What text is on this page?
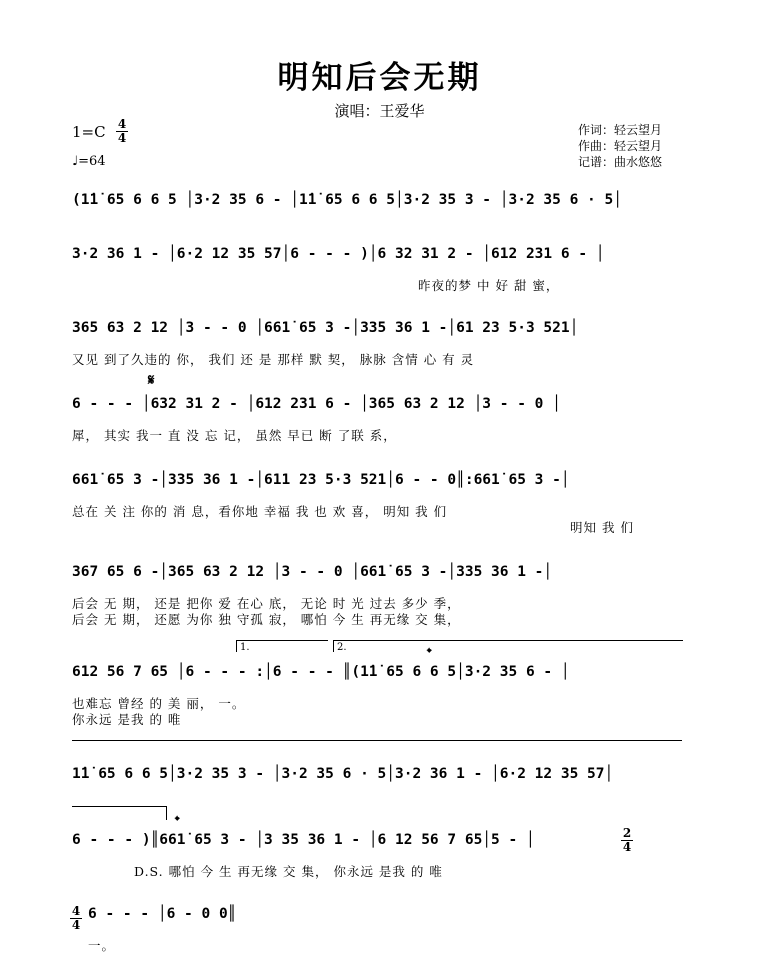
明知后会无期
演唱：王爱华
1=C 4
4
♩=64
作词：轻云望月
作曲：轻云望月
记谱：曲水悠悠
(1̇1̇ 65 6 6 5 │3·2 35 6 - │1̇1̇ 65 6 6 5│3·2 35 3 - │3·2 35 6 · 5│
3·2 36 1 - │6·2 12 35 57│6 - - - )│6 32 31 2 - │612 231 6 - │
昨夜的梦 中 好 甜 蜜，
365 63 2 12 │3 - - 0 │661̇ 65 3 -│335 36 1 -│61 23 5·3 521│
又见 到了久违的 你， 我们 还 是 那样 默 契， 脉脉 含情 心 有 灵
𝄋
6 - - - │632 31 2 - │612 231 6 - │365 63 2 12 │3 - - 0 │
犀， 其实 我一 直 没 忘 记， 虽然 早已 断 了联 系，
661̇ 65 3 -│335 36 1 -│611 23 5·3 521│6 - - 0║:661̇ 65 3 -│
总在 关 注 你的 消 息，看你地 幸福 我 也 欢 喜， 明知 我 们
明知 我 们
367 65 6 -│365 63 2 12 │3 - - 0 │661̇ 65 3 -│335 36 1 -│
后会 无 期， 还是 把你 爱 在心 底， 无论 时 光 过去 多少 季，
后会 无 期， 还愿 为你 独 守孤 寂， 哪怕 今 生 再无缘 交 集，
1.	2.	𝄌
612 56 7 65 │6 - - - :│6 - - - ║(1̇1̇ 65 6 6 5│3·2 35 6 - │
也难忘 曾经 的 美 丽， 一。
你永远 是我 的 唯
1̇1̇ 65 6 6 5│3·2 35 3 - │3·2 35 6 · 5│3·2 36 1 - │6·2 12 35 57│
𝄌
6 - - - )║661̇ 65 3 - │3 35 36 1 - │6 12 56 7 65│5 - │	2
4
D.S. 哪怕 今 生 再无缘 交 集， 你永远 是我 的 唯
4
4
6 - - - │6 - 0 0║
一。
